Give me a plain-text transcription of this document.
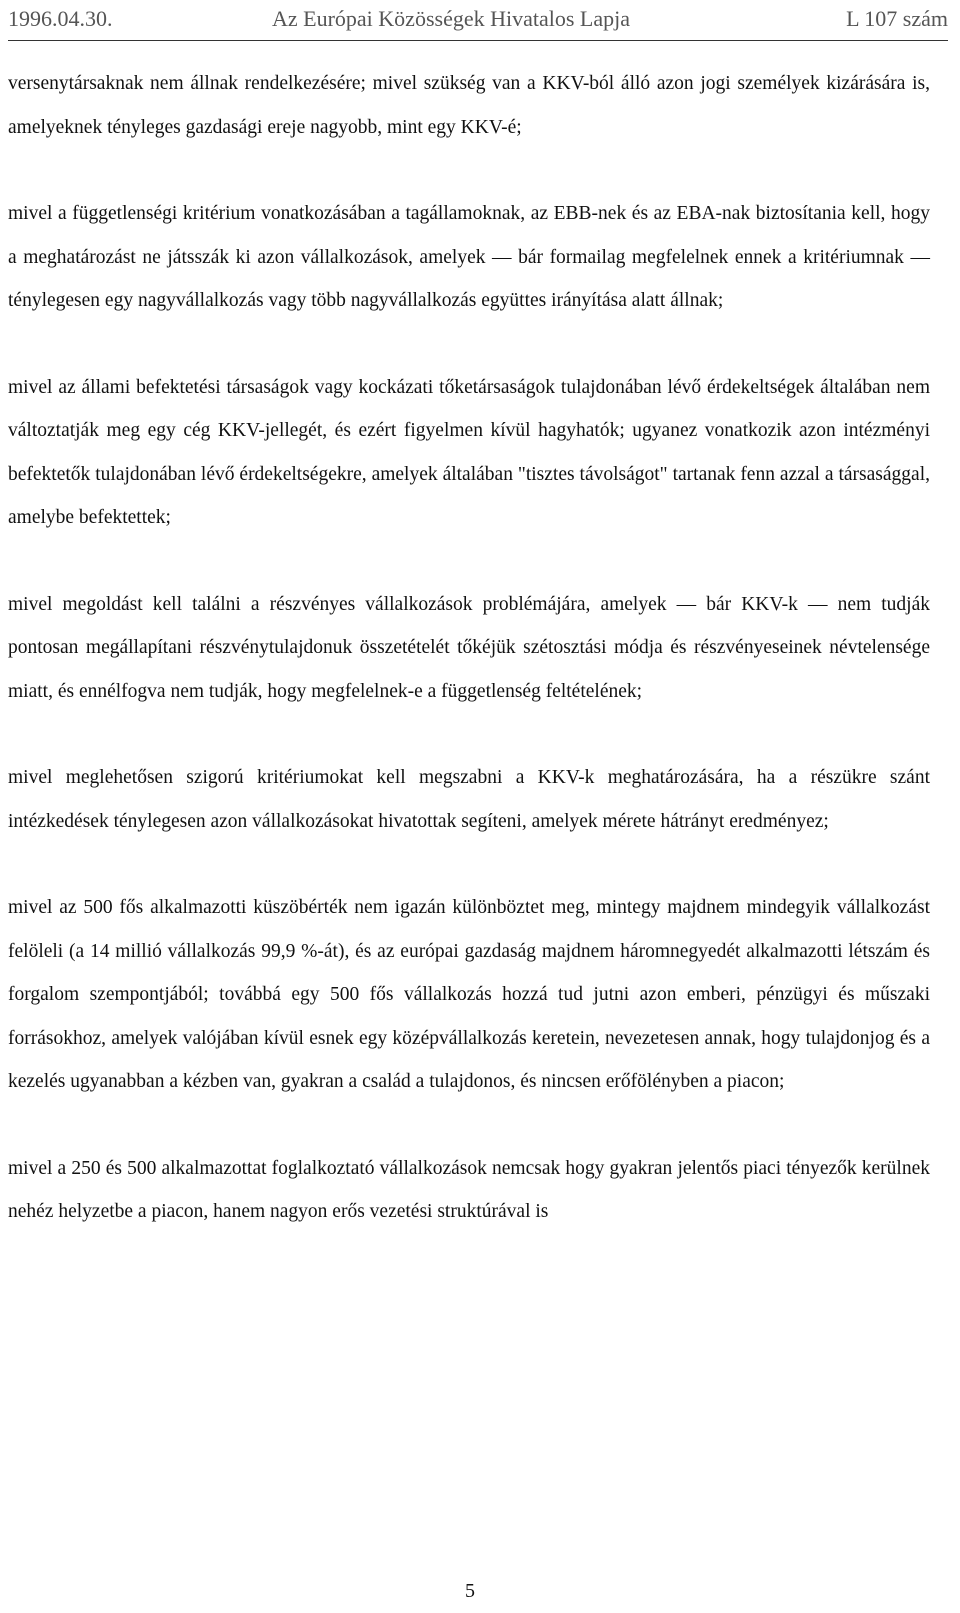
1996.04.30.	Az Európai Közösségek Hivatalos Lapja	L 107 szám

versenytársaknak nem állnak rendelkezésére; mivel szükség van a KKV-ból álló azon jogi személyek kizárására is, amelyeknek tényleges gazdasági ereje nagyobb, mint egy KKV-é;

mivel a függetlenségi kritérium vonatkozásában a tagállamoknak, az EBB-nek és az EBA-nak biztosítania kell, hogy a meghatározást ne játsszák ki azon vállalkozások, amelyek — bár formailag megfelelnek ennek a kritériumnak — ténylegesen egy nagyvállalkozás vagy több nagyvállalkozás együttes irányítása alatt állnak;

mivel az állami befektetési társaságok vagy kockázati tőketársaságok tulajdonában lévő érdekeltségek általában nem változtatják meg egy cég KKV-jellegét, és ezért figyelmen kívül hagyhatók; ugyanez vonatkozik azon intézményi befektetők tulajdonában lévő érdekeltségekre, amelyek általában "tisztes távolságot" tartanak fenn azzal a társasággal, amelybe befektettek;

mivel megoldást kell találni a részvényes vállalkozások problémájára, amelyek — bár KKV-k — nem tudják pontosan megállapítani részvénytulajdonuk összetételét tőkéjük szétosztási módja és részvényeseinek névtelensége miatt, és ennélfogva nem tudják, hogy megfelelnek-e a függetlenség feltételének;

mivel meglehetősen szigorú kritériumokat kell megszabni a KKV-k meghatározására, ha a részükre szánt intézkedések ténylegesen azon vállalkozásokat hivatottak segíteni, amelyek mérete hátrányt eredményez;

mivel az 500 fős alkalmazotti küszöbérték nem igazán különböztet meg, mintegy majdnem mindegyik vállalkozást felöleli (a 14 millió vállalkozás 99,9 %-át), és az európai gazdaság majdnem háromnegyedét alkalmazotti létszám és forgalom szempontjából; továbbá egy 500 fős vállalkozás hozzá tud jutni azon emberi, pénzügyi és műszaki forrásokhoz, amelyek valójában kívül esnek egy középvállalkozás keretein, nevezetesen annak, hogy tulajdonjog és a kezelés ugyanabban a kézben van, gyakran a család a tulajdonos, és nincsen erőfölényben a piacon;

mivel a 250 és 500 alkalmazottat foglalkoztató vállalkozások nemcsak hogy gyakran jelentős piaci tényezők kerülnek nehéz helyzetbe a piacon, hanem nagyon erős vezetési struktúrával is

5
